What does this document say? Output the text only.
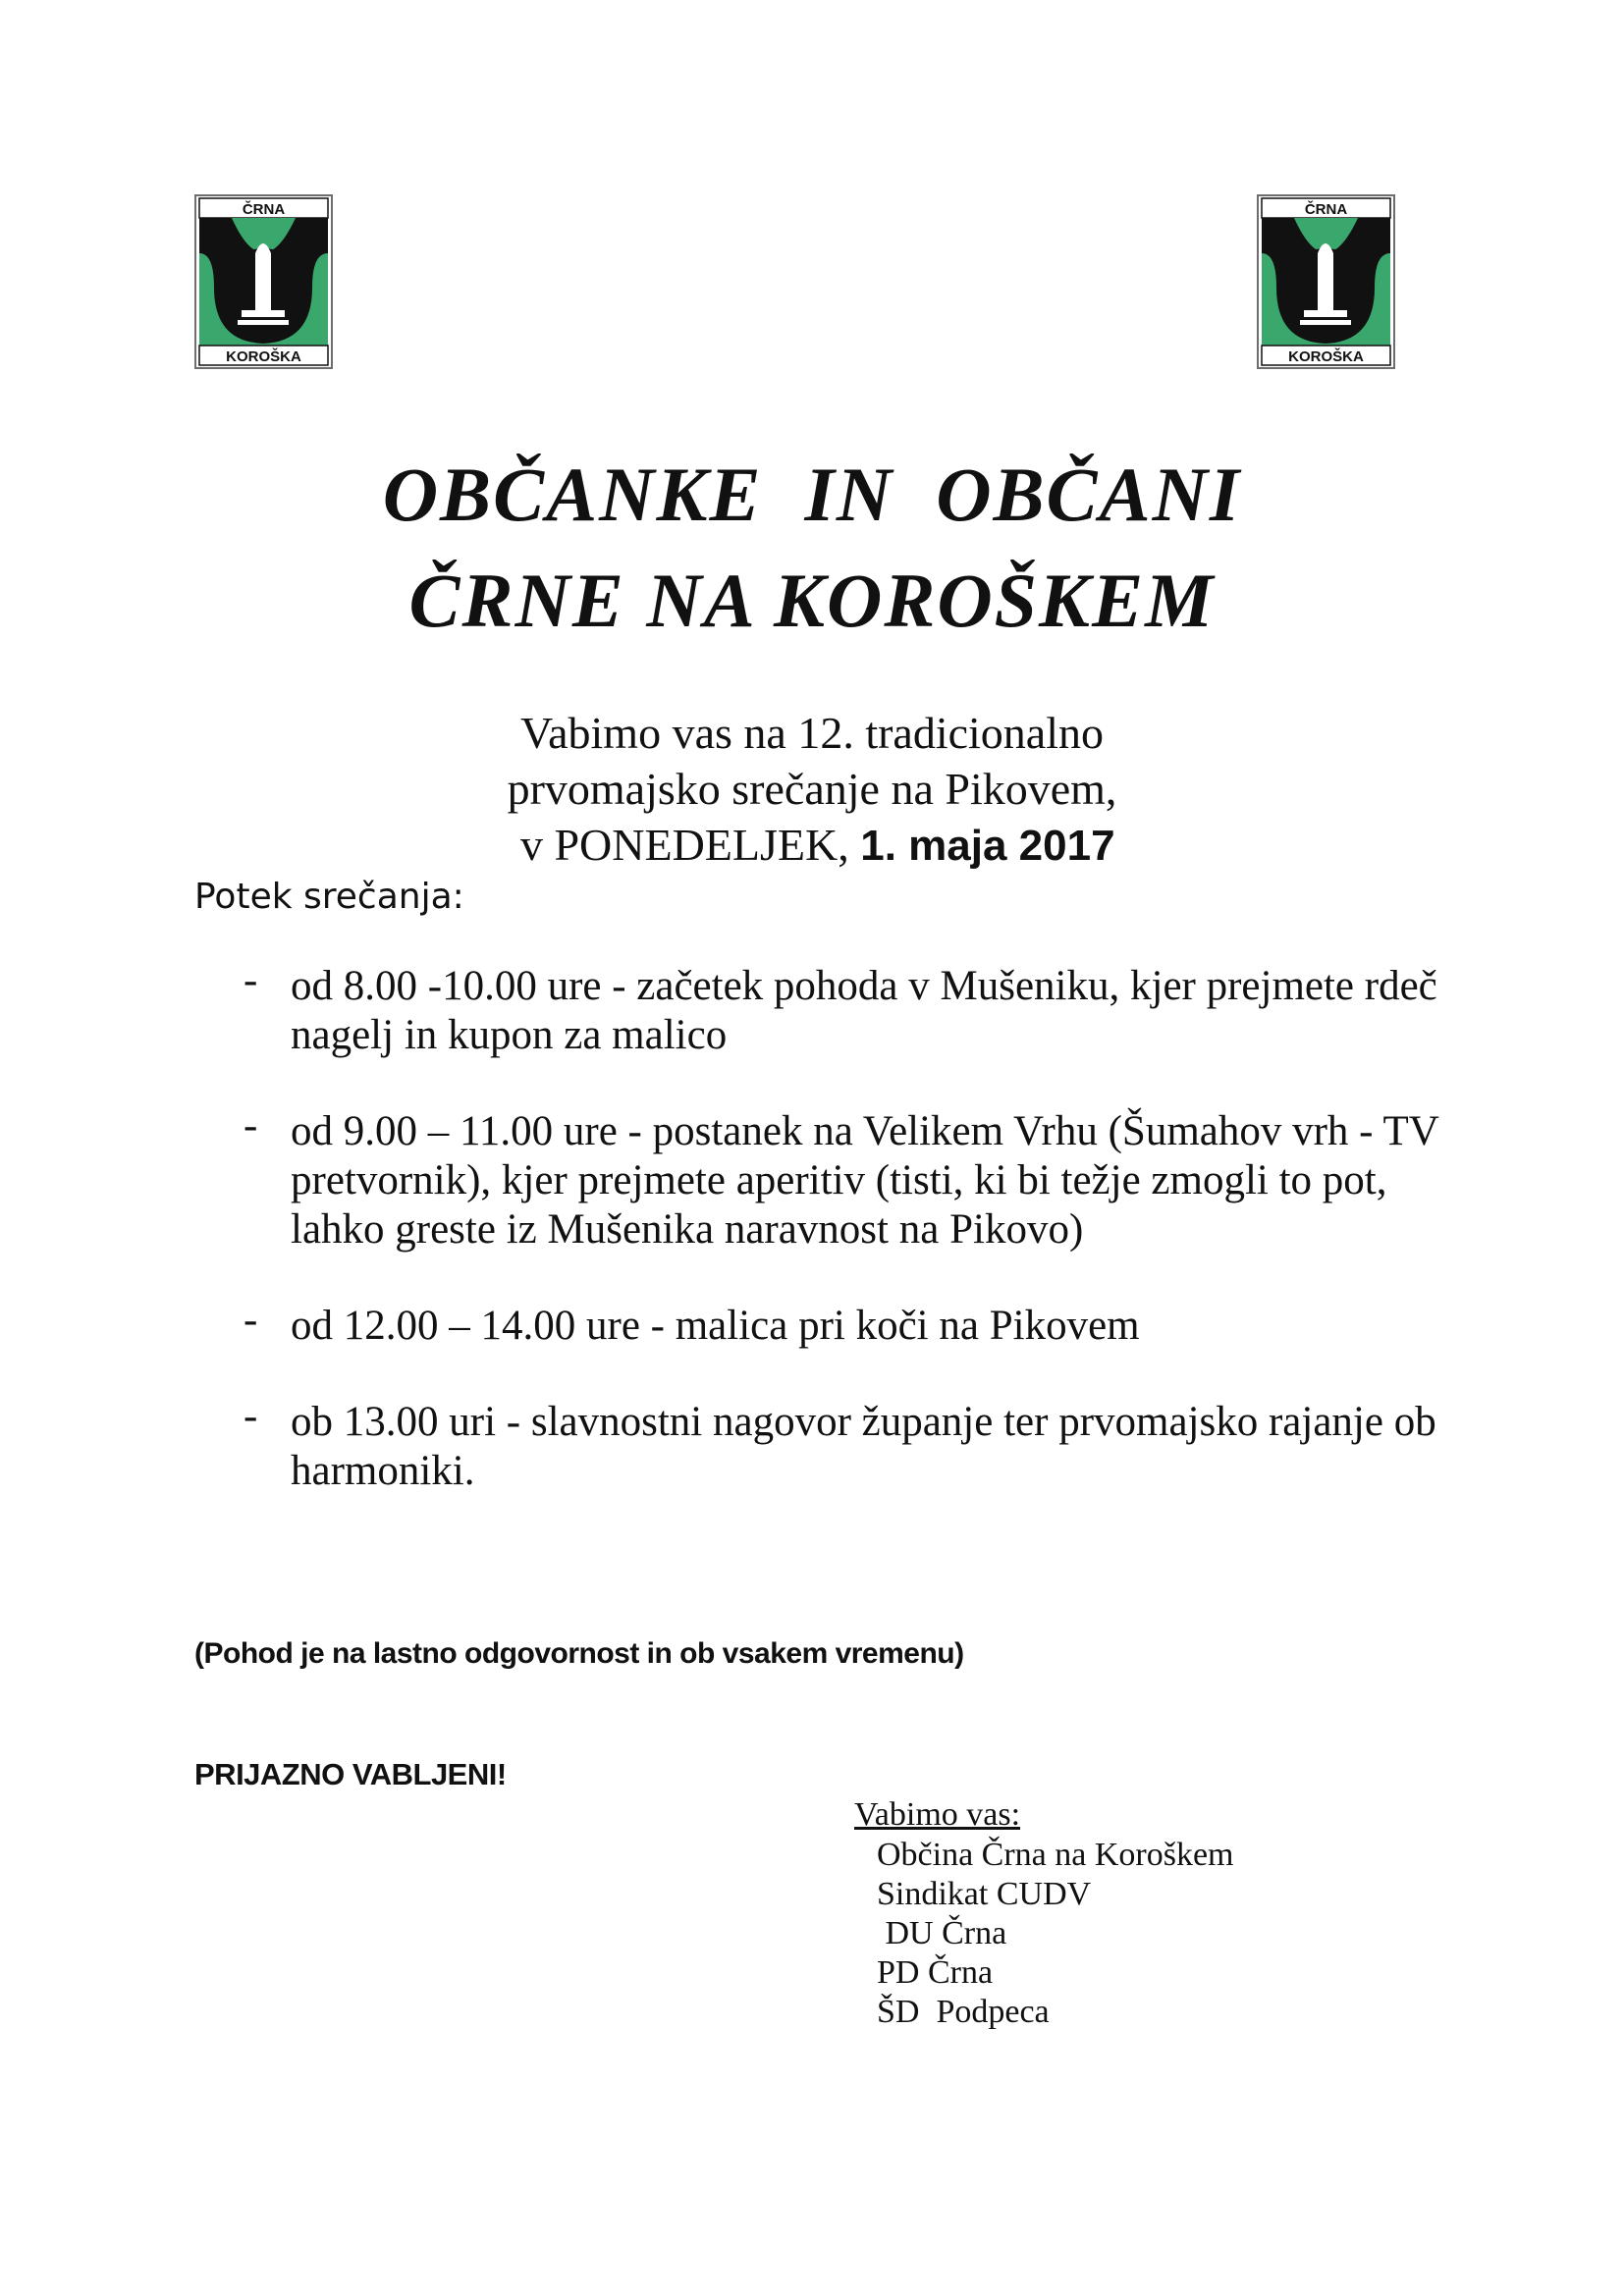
ČRNA
KOROŠKA
ČRNA
KOROŠKA
OBČANKE  IN  OBČANI
ČRNE NA KOROŠKEM
Vabimo vas na 12. tradicionalno
prvomajsko srečanje na Pikovem,
v PONEDELJEK, 1. maja 2017
Potek srečanja:
- od 8.00 -10.00 ure - začetek pohoda v Mušeniku, kjer prejmete rdeč nagelj in kupon za malico
- od 9.00 – 11.00 ure - postanek na Velikem Vrhu (Šumahov vrh - TV pretvornik), kjer prejmete aperitiv (tisti, ki bi težje zmogli to pot, lahko greste iz Mušenika naravnost na Pikovo)
- od 12.00 – 14.00 ure - malica pri koči na Pikovem
- ob 13.00 uri - slavnostni nagovor županje ter prvomajsko rajanje ob harmoniki.
(Pohod je na lastno odgovornost in ob vsakem vremenu)
PRIJAZNO VABLJENI!
Vabimo vas:
Občina Črna na Koroškem
Sindikat CUDV
DU Črna
PD Črna
ŠD  Podpeca
